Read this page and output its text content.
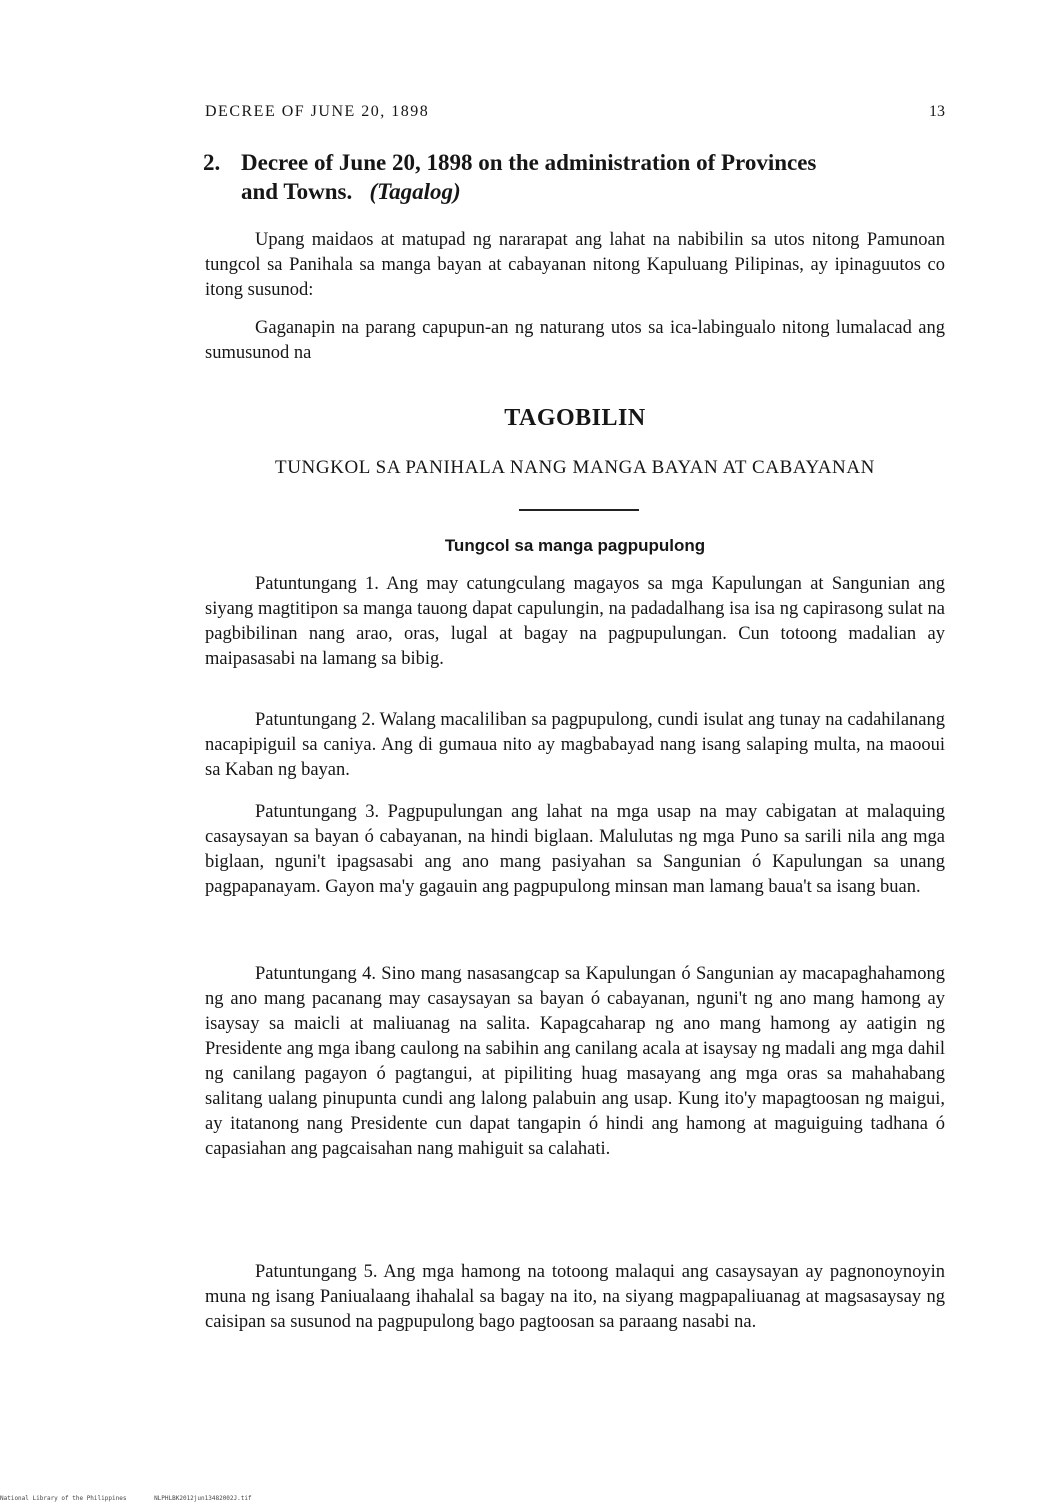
DECREE OF JUNE 20, 1898	13
2. Decree of June 20, 1898 on the administration of Provinces
and Towns. (Tagalog)

Upang maidaos at matupad ng nararapat ang lahat na nabibilin sa utos nitong Pamunoan tungcol sa Panihala sa manga bayan at cabayanan nitong Kapuluang Pilipinas, ay ipinaguutos co itong susunod:

Gaganapin na parang capupun-an ng naturang utos sa ica-labingualo nitong lumalacad ang sumusunod na

TAGOBILIN
TUNGKOL SA PANIHALA NANG MANGA BAYAN AT CABAYANAN
Tungcol sa manga pagpupulong

Patuntungang 1. Ang may catungculang magayos sa mga Kapulungan at Sangunian ang siyang magtitipon sa manga tauong dapat capulungin, na padadalhang isa isa ng capirasong sulat na pagbibilinan nang arao, oras, lugal at bagay na pagpupulungan. Cun totoong madalian ay maipasasabi na lamang sa bibig.

Patuntungang 2. Walang macaliliban sa pagpupulong, cundi isulat ang tunay na cadahilanang nacapipiguil sa caniya. Ang di gumaua nito ay magbabayad nang isang salaping multa, na maooui sa Kaban ng bayan.

Patuntungang 3. Pagpupulungan ang lahat na mga usap na may cabigatan at malaquing casaysayan sa bayan ó cabayanan, na hindi biglaan. Malulutas ng mga Puno sa sarili nila ang mga biglaan, nguni't ipagsasabi ang ano mang pasiyahan sa Sangunian ó Kapulungan sa unang pagpapanayam. Gayon ma'y gagauin ang pagpupulong minsan man lamang baua't sa isang buan.

Patuntungang 4. Sino mang nasasangcap sa Kapulungan ó Sangunian ay macapaghahamong ng ano mang pacanang may casaysayan sa bayan ó cabayanan, nguni't ng ano mang hamong ay isaysay sa maicli at maliuanag na salita. Kapagcaharap ng ano mang hamong ay aatigin ng Presidente ang mga ibang caulong na sabihin ang canilang acala at isaysay ng madali ang mga dahil ng canilang pagayon ó pagtangui, at pipiliting huag masayang ang mga oras sa mahahabang salitang ualang pinupunta cundi ang lalong palabuin ang usap. Kung ito'y mapagtoosan ng maigui, ay itatanong nang Presidente cun dapat tangapin ó hindi ang hamong at maguiguing tadhana ó capasiahan ang pagcaisahan nang mahiguit sa calahati.

Patuntungang 5. Ang mga hamong na totoong malaqui ang casaysayan ay pagnonoynoyin muna ng isang Paniualaang ihahalal sa bagay na ito, na siyang magpapaliuanag at magsasaysay ng caisipan sa susunod na pagpupulong bago pagtoosan sa paraang nasabi na.

National Library of the Philippines	NLPHLBK2012jun13482002J.tif
